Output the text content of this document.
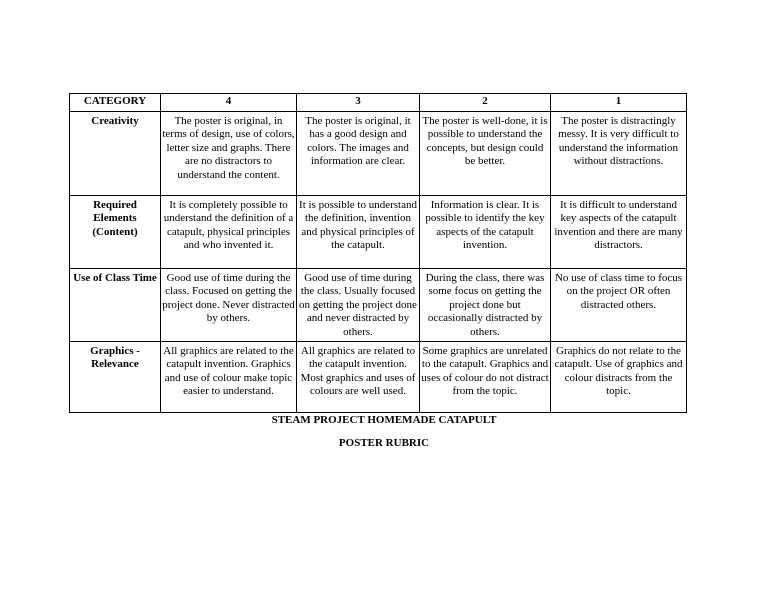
CATEGORY	4	3	2	1
Creativity	The poster is original, in terms of design, use of colors, letter size and graphs. There are no distractors to understand the content.	The poster is original, it has a good design and colors. The images and information are clear.	The poster is well-done, it is possible to understand the concepts, but design could be better.	The poster is distractingly messy. It is very difficult to understand the information without distractions.
Required Elements (Content)	It is completely possible to understand the definition of a catapult, physical principles and who invented it.	It is possible to understand the definition, invention and physical principles of the catapult.	Information is clear. It is possible to identify the key aspects of the catapult invention.	It is difficult to understand key aspects of the catapult invention and there are many distractors.
Use of Class Time	Good use of time during the class. Focused on getting the project done. Never distracted by others.	Good use of time during the class. Usually focused on getting the project done and never distracted by others.	During the class, there was some focus on getting the project done but occasionally distracted by others.	No use of class time to focus on the project OR often distracted others.
Graphics - Relevance	All graphics are related to the catapult invention. Graphics and use of colour make topic easier to understand.	All graphics are related to the catapult invention. Most graphics and uses of colours are well used.	Some graphics are unrelated to the catapult. Graphics and uses of colour do not distract from the topic.	Graphics do not relate to the catapult. Use of graphics and colour distracts from the topic.
STEAM PROJECT HOMEMADE CATAPULT
POSTER RUBRIC
